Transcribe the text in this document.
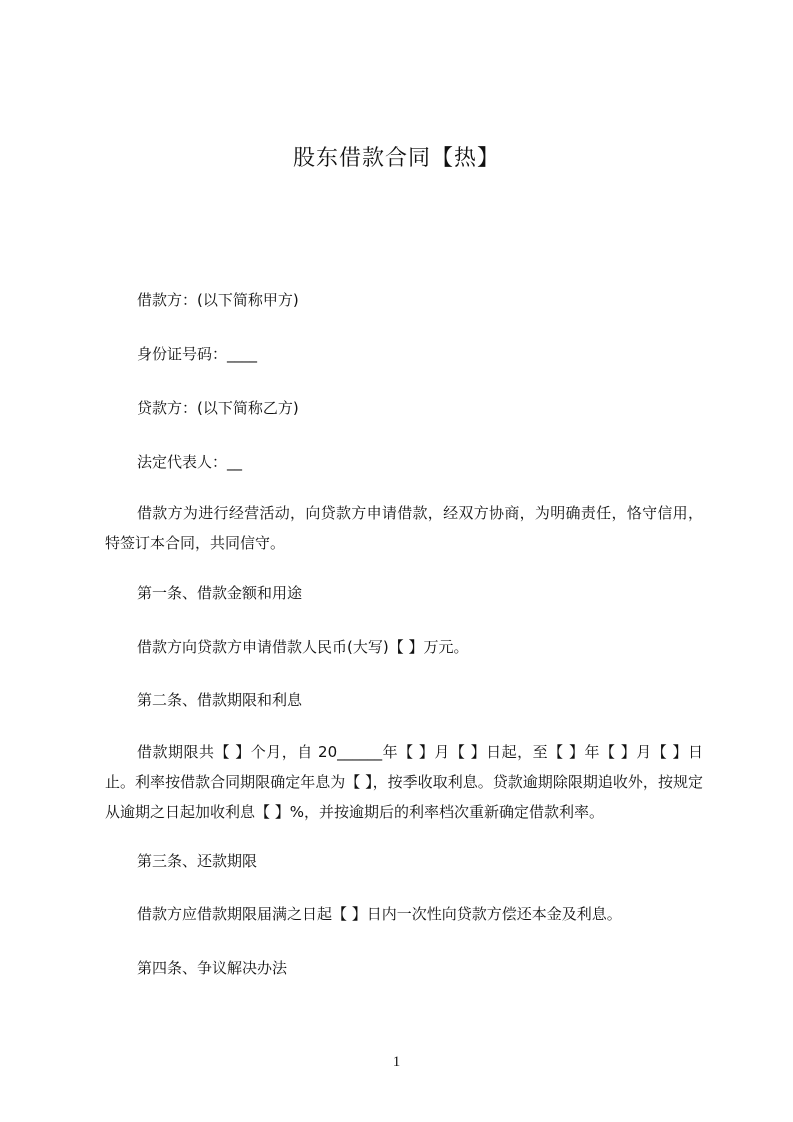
股东借款合同【热】
借款方：(以下简称甲方)
身份证号码：____
贷款方：(以下简称乙方)
法定代表人：__
借款方为进行经营活动，向贷款方申请借款，经双方协商，为明确责任，恪守信用，特签订本合同，共同信守。
第一条、借款金额和用途
借款方向贷款方申请借款人民币(大写)【 】万元。
第二条、借款期限和利息
借款期限共【 】个月，自 20______年【 】月【 】日起，至【 】年【 】月【 】日止。利率按借款合同期限确定年息为【 】，按季收取利息。贷款逾期除限期追收外，按规定从逾期之日起加收利息【 】%，并按逾期后的利率档次重新确定借款利率。
第三条、还款期限
借款方应借款期限届满之日起【 】日内一次性向贷款方偿还本金及利息。
第四条、争议解决办法
1
